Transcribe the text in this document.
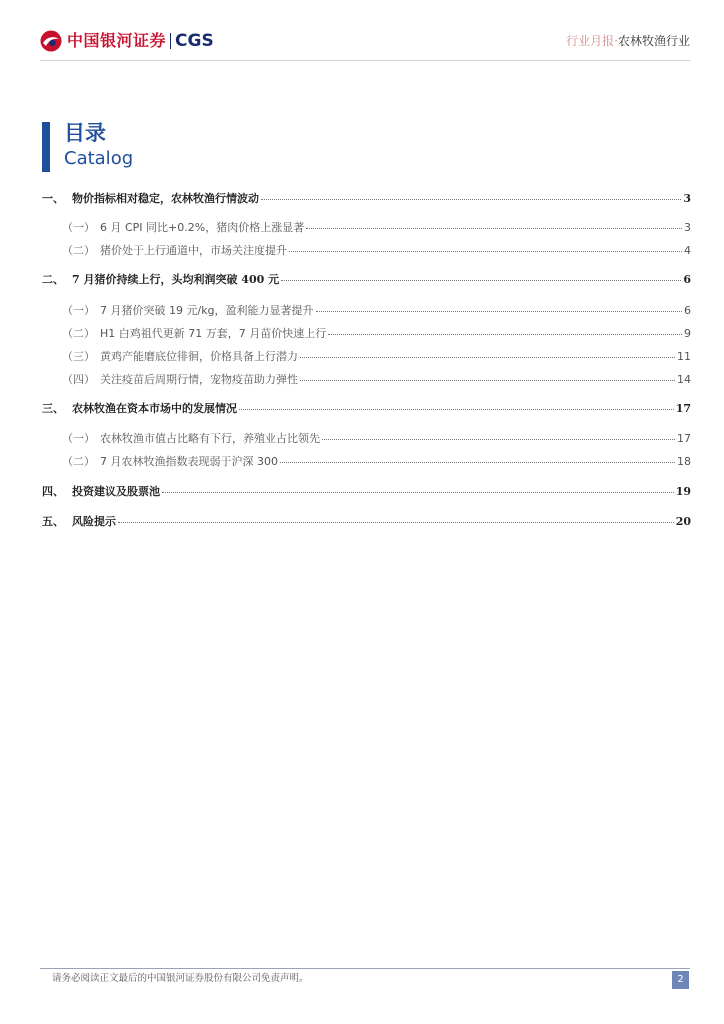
中国银河证券 CGS	行业月报·农林牧渔行业
目录
Catalog
一、 物价指标相对稳定，农林牧渔行情波动	3
（一） 6 月 CPI 同比+0.2%，猪肉价格上涨显著	3
（二） 猪价处于上行通道中，市场关注度提升	4
二、 7 月猪价持续上行，头均利润突破 400 元	6
（一） 7 月猪价突破 19 元/kg，盈利能力显著提升	6
（二） H1 白鸡祖代更新 71 万套，7 月苗价快速上行	9
（三） 黄鸡产能磨底位徘徊，价格具备上行潜力	11
（四） 关注疫苗后周期行情，宠物疫苗助力弹性	14
三、 农林牧渔在资本市场中的发展情况	17
（一） 农林牧渔市值占比略有下行，养殖业占比领先	17
（二） 7 月农林牧渔指数表现弱于沪深 300	18
四、 投资建议及股票池	19
五、 风险提示	20
请务必阅读正文最后的中国银河证券股份有限公司免责声明。	2
